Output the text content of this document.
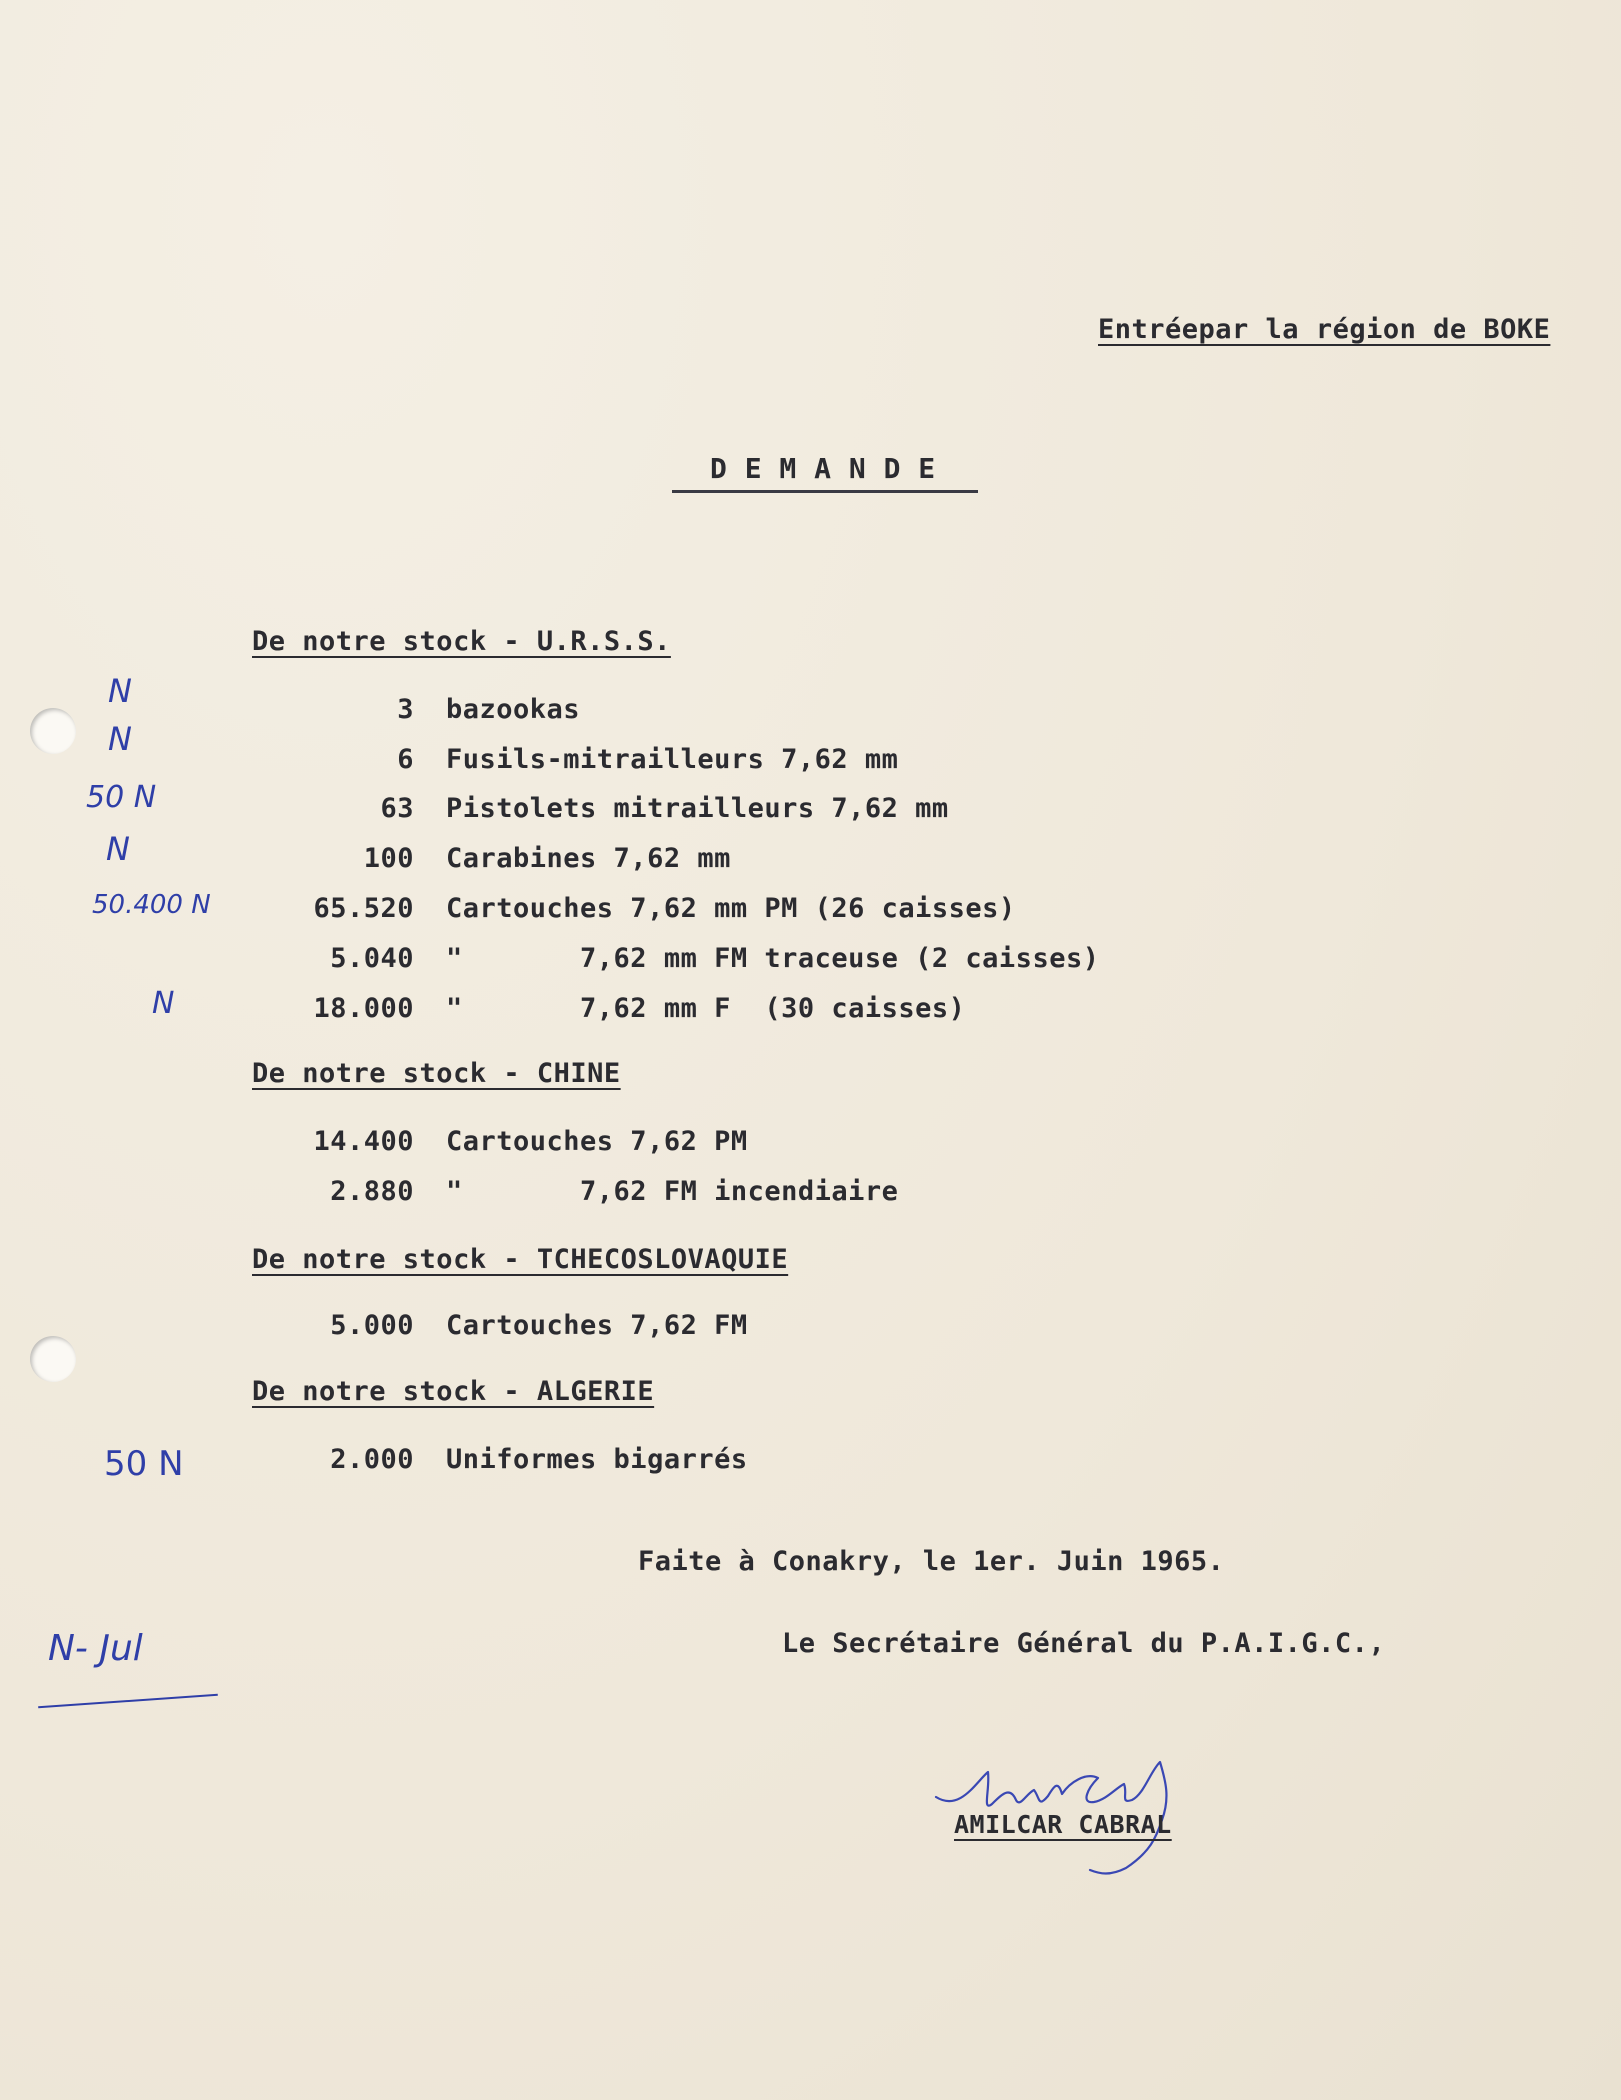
Entréepar la région de BOKE
D E M A N D E
De notre stock - U.R.S.S.
N	3 bazookas
N
6 Fusils-mitrailleurs 7,62 mm
50 N	63 Pistolets mitrailleurs 7,62 mm
N	100 Carabines 7,62 mm
50.400 N	65.520 Cartouches 7,62 mm PM (26 caisses)
5.040 "       7,62 mm FM traceuse (2 caisses)
N	18.000 "       7,62 mm F  (30 caisses)
De notre stock - CHINE
14.400 Cartouches 7,62 PM
2.880 "       7,62 FM incendiaire
De notre stock - TCHECOSLOVAQUIE
5.000 Cartouches 7,62 FM
De notre stock - ALGERIE
50 N	2.000 Uniformes bigarrés
Faite à Conakry, le 1er. Juin 1965.
Le Secrétaire Général du P.A.I.G.C.,
N- Jul
AMILCAR CABRAL
